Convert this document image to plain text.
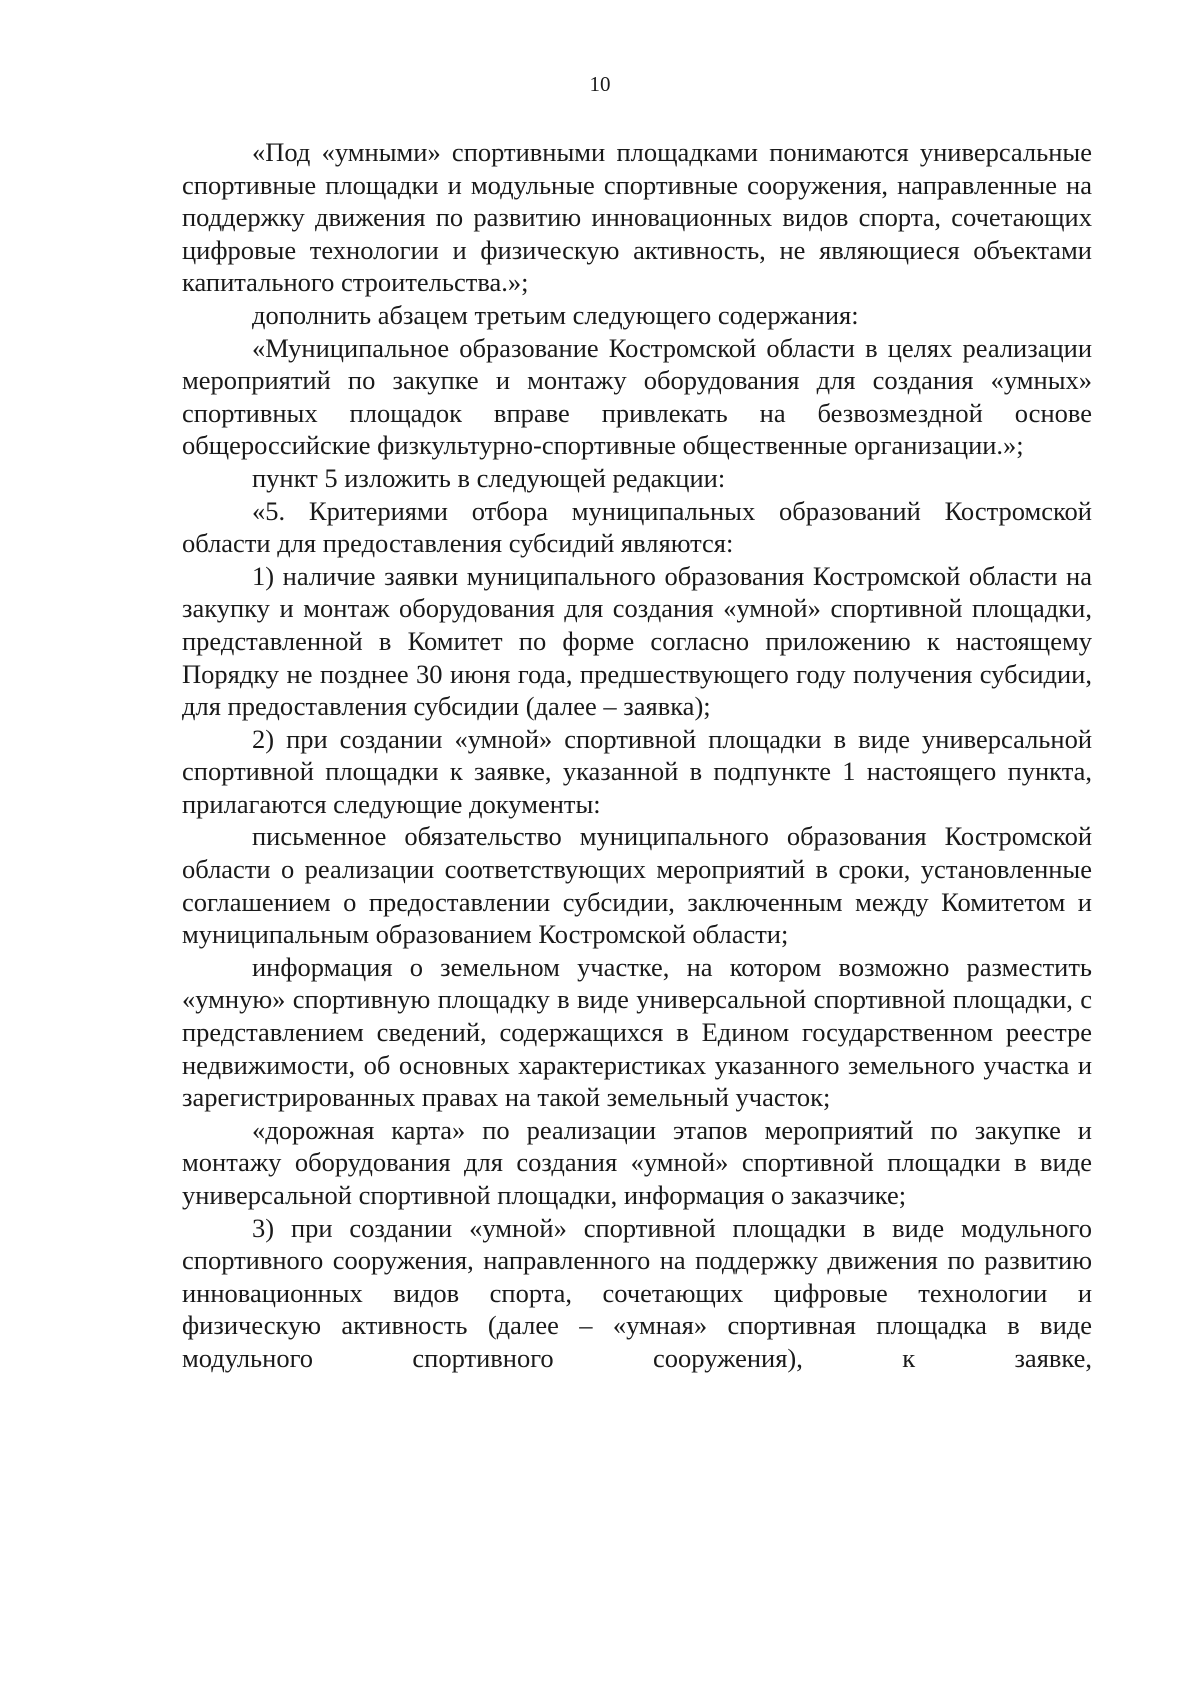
10

«Под «умными» спортивными площадками понимаются универсальные спортивные площадки и модульные спортивные сооружения, направленные на поддержку движения по развитию инновационных видов спорта, сочетающих цифровые технологии и физическую активность, не являющиеся объектами капитального строительства.»;

дополнить абзацем третьим следующего содержания:

«Муниципальное образование Костромской области в целях реализации мероприятий по закупке и монтажу оборудования для создания «умных» спортивных площадок вправе привлекать на безвозмездной основе общероссийские физкультурно-спортивные общественные организации.»;

пункт 5 изложить в следующей редакции:

«5. Критериями отбора муниципальных образований Костромской области для предоставления субсидий являются:

1) наличие заявки муниципального образования Костромской области на закупку и монтаж оборудования для создания «умной» спортивной площадки, представленной в Комитет по форме согласно приложению к настоящему Порядку не позднее 30 июня года, предшествующего году получения субсидии, для предоставления субсидии (далее – заявка);

2) при создании «умной» спортивной площадки в виде универсальной спортивной площадки к заявке, указанной в подпункте 1 настоящего пункта, прилагаются следующие документы:

письменное обязательство муниципального образования Костромской области о реализации соответствующих мероприятий в сроки, установленные соглашением о предоставлении субсидии, заключенным между Комитетом и муниципальным образованием Костромской области;

информация о земельном участке, на котором возможно разместить «умную» спортивную площадку в виде универсальной спортивной площадки, с представлением сведений, содержащихся в Едином государственном реестре недвижимости, об основных характеристиках указанного земельного участка и зарегистрированных правах на такой земельный участок;

«дорожная карта» по реализации этапов мероприятий по закупке и монтажу оборудования для создания «умной» спортивной площадки в виде универсальной спортивной площадки, информация о заказчике;

3) при создании «умной» спортивной площадки в виде модульного спортивного сооружения, направленного на поддержку движения по развитию инновационных видов спорта, сочетающих цифровые технологии и физическую активность (далее – «умная» спортивная площадка в виде модульного спортивного сооружения), к заявке,
